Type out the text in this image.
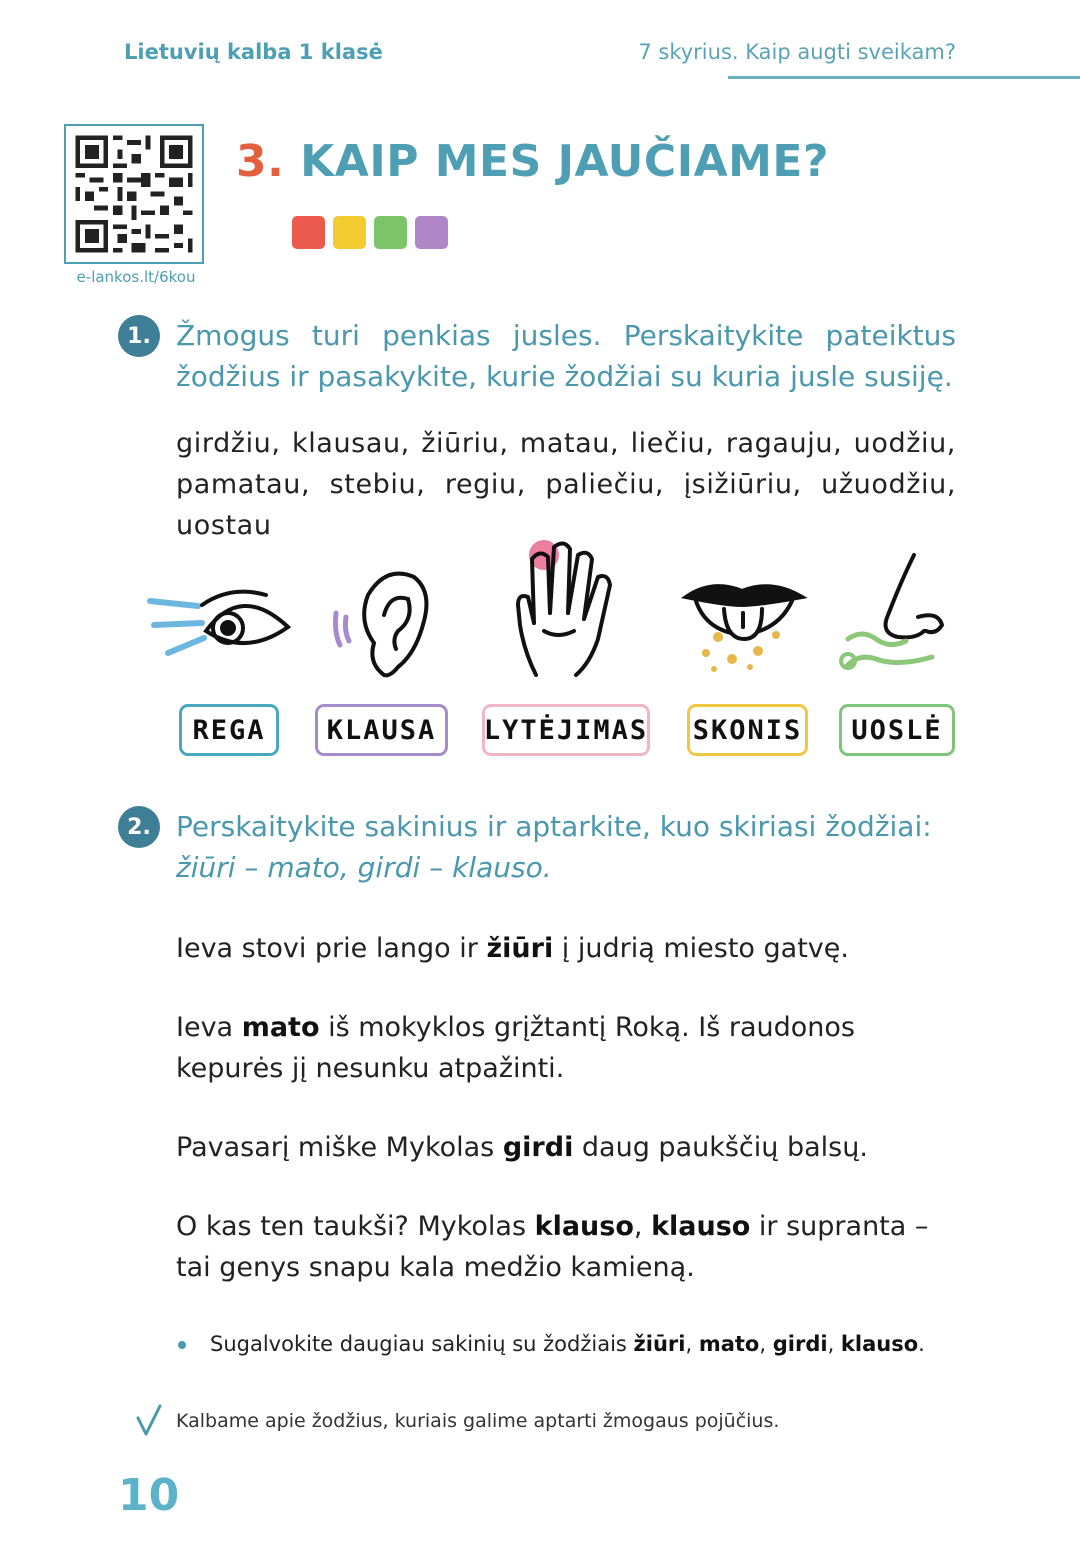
Lietuvių kalba 1 klasė	7 skyrius. Kaip augti sveikam?
e-lankos.lt/6kou
3. KAIP MES JAUČIAME?
1. Žmogus turi penkias jusles. Perskaitykite pateiktus žodžius ir pasakykite, kurie žodžiai su kuria jusle susiję.
girdžiu, klausau, žiūriu, matau, liečiu, ragauju, uodžiu, pamatau, stebiu, regiu, paliečiu, įsižiūriu, užuodžiu, uostau
REGA	KLAUSA	LYTĖJIMAS SKONIS	UOSLĖ
2. Perskaitykite sakinius ir aptarkite, kuo skiriasi žodžiai:
žiūri – mato, girdi – klauso.
Ieva stovi prie lango ir žiūri į judrią miesto gatvę.
Ieva mato iš mokyklos grįžtantį Roką. Iš raudonos kepurės jį nesunku atpažinti.
Pavasarį miške Mykolas girdi daug paukščių balsų.
O kas ten taukši? Mykolas klauso, klauso ir supranta – tai genys snapu kala medžio kamieną.
Sugalvokite daugiau sakinių su žodžiais žiūri, mato, girdi, klauso.
Kalbame apie žodžius, kuriais galime aptarti žmogaus pojūčius.
10
